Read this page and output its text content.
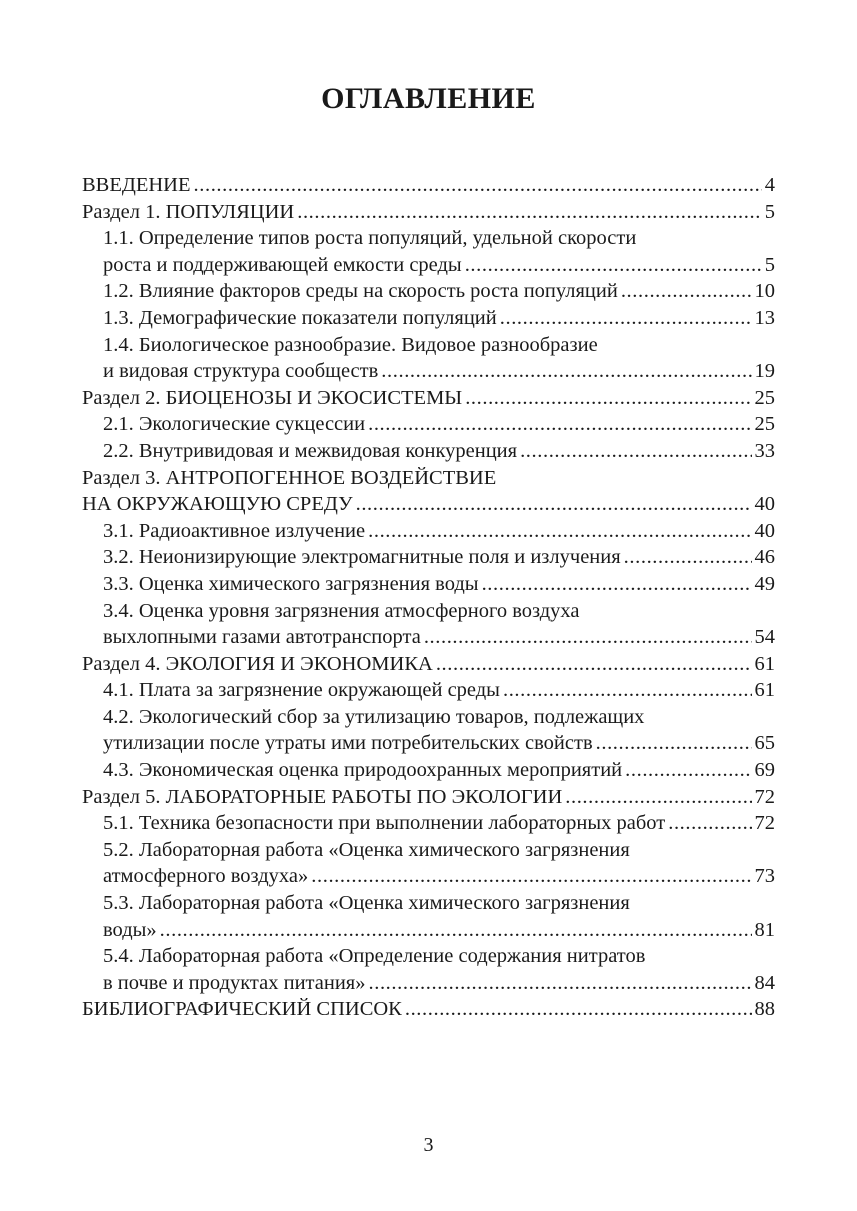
ОГЛАВЛЕНИЕ
ВВЕДЕНИЕ .....	4
Раздел 1. ПОПУЛЯЦИИ .....	5
1.1. Определение типов роста популяций, удельной скорости
роста и поддерживающей емкости среды .....	5
1.2. Влияние факторов среды на скорость роста популяций .....	10
1.3. Демографические показатели популяций .....	13
1.4. Биологическое разнообразие. Видовое разнообразие
и видовая структура сообществ .....	19
Раздел 2. БИОЦЕНОЗЫ И ЭКОСИСТЕМЫ .....	25
2.1. Экологические сукцессии .....	25
2.2. Внутривидовая и межвидовая конкуренция .....	33
Раздел 3. АНТРОПОГЕННОЕ ВОЗДЕЙСТВИЕ
НА ОКРУЖАЮЩУЮ СРЕДУ .....	40
3.1. Радиоактивное излучение .....	40
3.2. Неионизирующие электромагнитные поля и излучения .....	46
3.3. Оценка химического загрязнения воды .....	49
3.4. Оценка уровня загрязнения атмосферного воздуха
выхлопными газами автотранспорта .....	54
Раздел 4. ЭКОЛОГИЯ И ЭКОНОМИКА .....	61
4.1. Плата за загрязнение окружающей среды .....	61
4.2. Экологический сбор за утилизацию товаров, подлежащих
утилизации после утраты ими потребительских свойств .....	65
4.3. Экономическая оценка природоохранных мероприятий .....	69
Раздел 5. ЛАБОРАТОРНЫЕ РАБОТЫ ПО ЭКОЛОГИИ .....	72
5.1. Техника безопасности при выполнении лабораторных работ .....	72
5.2. Лабораторная работа «Оценка химического загрязнения
атмосферного воздуха» .....	73
5.3. Лабораторная работа «Оценка химического загрязнения
воды» .....	81
5.4. Лабораторная работа «Определение содержания нитратов
в почве и продуктах питания» .....	84
БИБЛИОГРАФИЧЕСКИЙ СПИСОК .....	88
3
